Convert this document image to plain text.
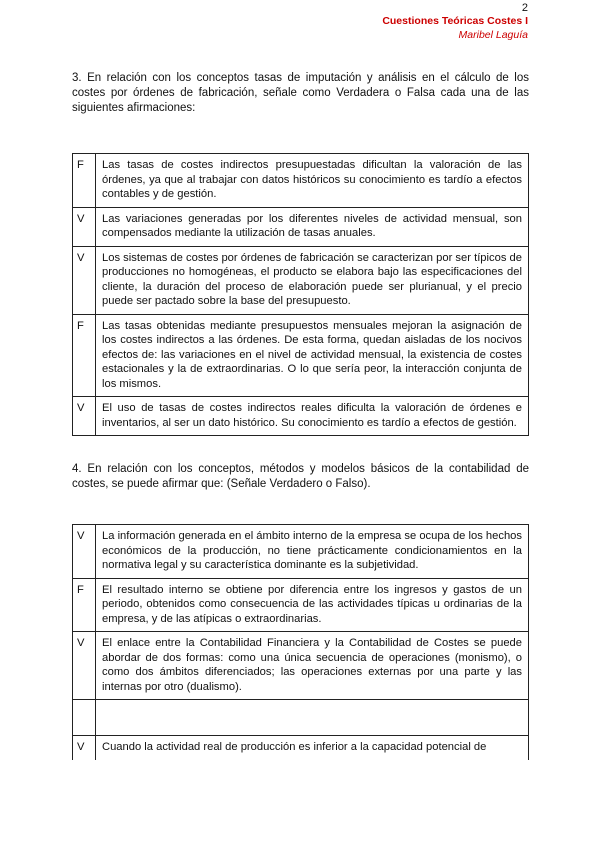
2
Cuestiones Teóricas Costes I
Maribel Laguía

3. En relación con los conceptos tasas de imputación y análisis en el cálculo de los costes por órdenes de fabricación, señale como Verdadera o Falsa cada una de las siguientes afirmaciones:

F	Las tasas de costes indirectos presupuestadas dificultan la valoración de las órdenes, ya que al trabajar con datos históricos su conocimiento es tardío a efectos contables y de gestión.
V	Las variaciones generadas por los diferentes niveles de actividad mensual, son compensados mediante la utilización de tasas anuales.
V	Los sistemas de costes por órdenes de fabricación se caracterizan por ser típicos de producciones no homogéneas, el producto se elabora bajo las especificaciones del cliente, la duración del proceso de elaboración puede ser plurianual, y el precio puede ser pactado sobre la base del presupuesto.
F	Las tasas obtenidas mediante presupuestos mensuales mejoran la asignación de los costes indirectos a las órdenes. De esta forma, quedan aisladas de los nocivos efectos de: las variaciones en el nivel de actividad mensual, la existencia de costes estacionales y la de extraordinarias. O lo que sería peor, la interacción conjunta de los mismos.
V	El uso de tasas de costes indirectos reales dificulta la valoración de órdenes e inventarios, al ser un dato histórico. Su conocimiento es tardío a efectos de gestión.

4. En relación con los conceptos, métodos y modelos básicos de la contabilidad de costes, se puede afirmar que: (Señale Verdadero o Falso).

V	La información generada en el ámbito interno de la empresa se ocupa de los hechos económicos de la producción, no tiene prácticamente condicionamientos en la normativa legal y su característica dominante es la subjetividad.
F	El resultado interno se obtiene por diferencia entre los ingresos y gastos de un periodo, obtenidos como consecuencia de las actividades típicas u ordinarias de la empresa, y de las atípicas o extraordinarias.
V	El enlace entre la Contabilidad Financiera y la Contabilidad de Costes se puede abordar de dos formas: como una única secuencia de operaciones (monismo), o como dos ámbitos diferenciados; las operaciones externas por una parte y las internas por otro (dualismo).

V	Cuando la actividad real de producción es inferior a la capacidad potencial de
